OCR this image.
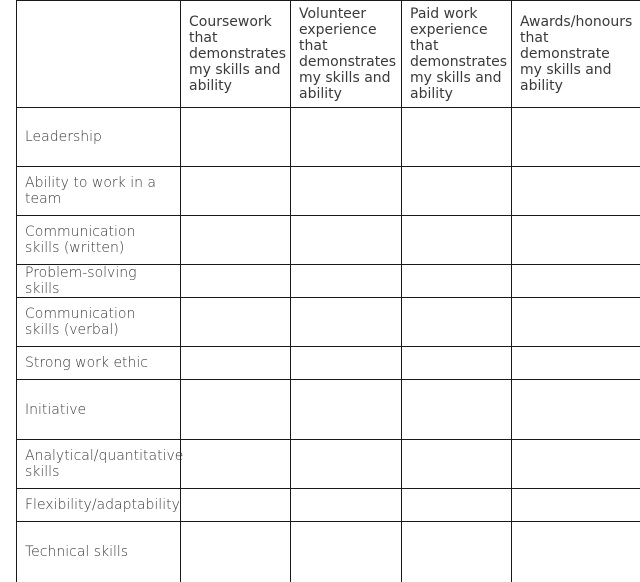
	Coursework that demonstrates my skills and ability	Volunteer experience that demonstrates my skills and ability	Paid work experience that demonstrates my skills and ability	Awards/honours that demonstrate my skills and ability
Leadership				
Ability to work in a team				
Communication skills (written)				
Problem-solving skills				
Communication skills (verbal)				
Strong work ethic				
Initiative				
Analytical/quantitative skills				
Flexibility/adaptability				
Technical skills				
